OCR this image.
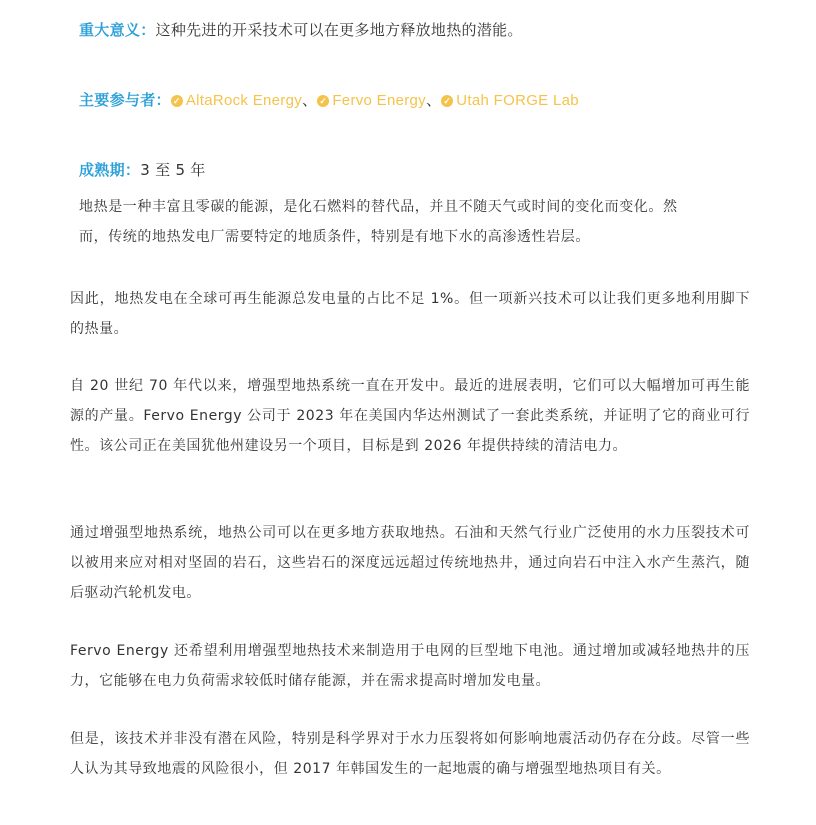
重大意义：这种先进的开采技术可以在更多地方释放地热的潜能。
主要参与者： ✓ AltaRock Energy、 ✓ Fervo Energy、 ✓ Utah FORGE Lab
成熟期：3 至 5 年
地热是一种丰富且零碳的能源，是化石燃料的替代品，并且不随天气或时间的变化而变化。然
而，传统的地热发电厂需要特定的地质条件，特别是有地下水的高渗透性岩层。

因此，地热发电在全球可再生能源总发电量的占比不足 1%。但一项新兴技术可以让我们更多地利用脚下的热量。

自 20 世纪 70 年代以来，增强型地热系统一直在开发中。最近的进展表明，它们可以大幅增加可再生能源的产量。Fervo Energy 公司于 2023 年在美国内华达州测试了一套此类系统，并证明了它的商业可行性。该公司正在美国犹他州建设另一个项目，目标是到 2026 年提供持续的清洁电力。

通过增强型地热系统，地热公司可以在更多地方获取地热。石油和天然气行业广泛使用的水力压裂技术可以被用来应对相对坚固的岩石，这些岩石的深度远远超过传统地热井，通过向岩石中注入水产生蒸汽，随后驱动汽轮机发电。

Fervo Energy 还希望利用增强型地热技术来制造用于电网的巨型地下电池。通过增加或减轻地热井的压力，它能够在电力负荷需求较低时储存能源，并在需求提高时增加发电量。

但是，该技术并非没有潜在风险，特别是科学界对于水力压裂将如何影响地震活动仍存在分歧。尽管一些人认为其导致地震的风险很小，但 2017 年韩国发生的一起地震的确与增强型地热项目有关。
